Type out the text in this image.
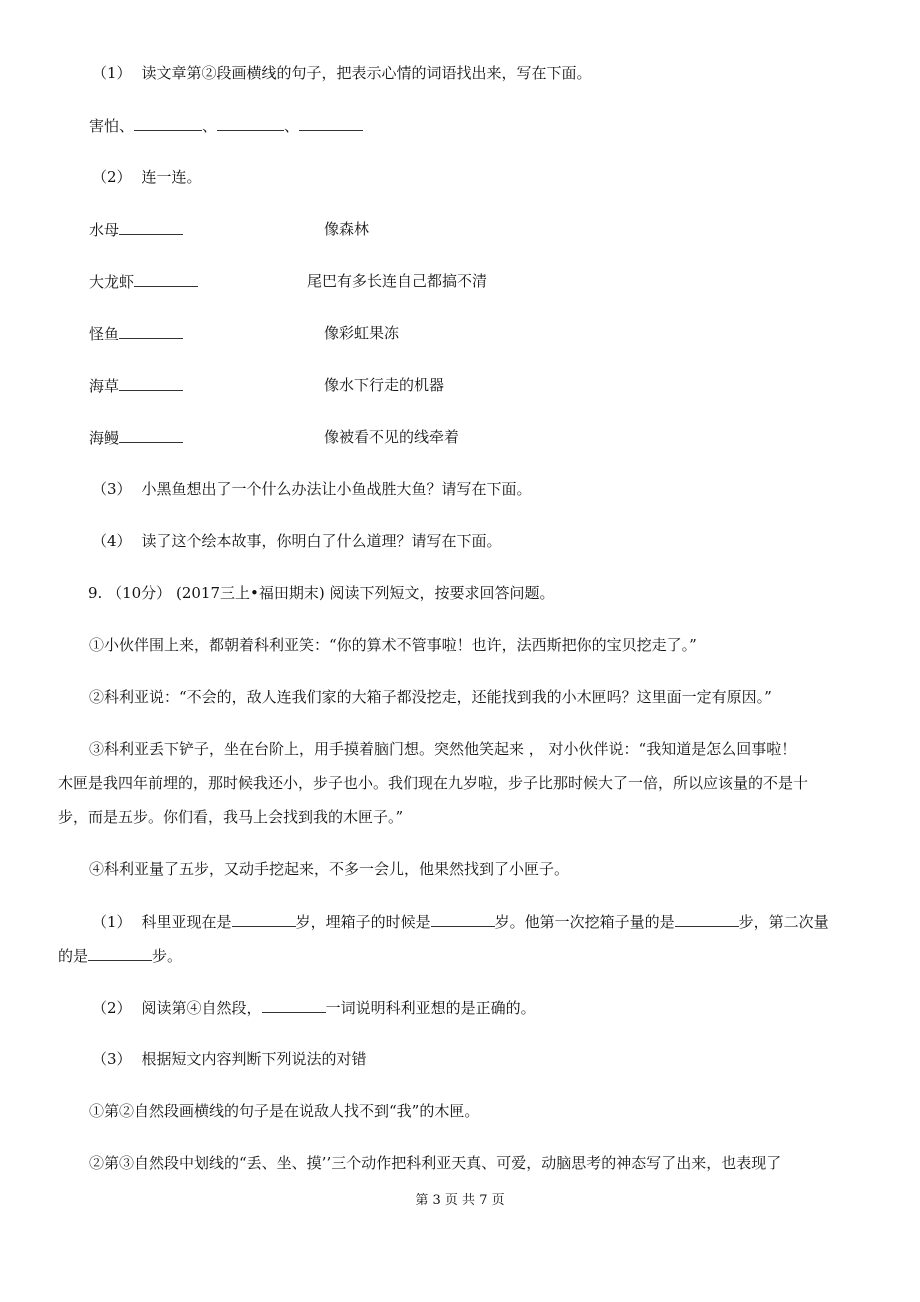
（1） 读文章第②段画横线的句子，把表示心情的词语找出来，写在下面。
害怕、	、	、
（2） 连一连。
水母	像森林
大龙虾	尾巴有多长连自己都搞不清
怪鱼	像彩虹果冻
海草	像水下行走的机器
海鳗	像被看不见的线牵着
（3） 小黑鱼想出了一个什么办法让小鱼战胜大鱼？请写在下面。
（4） 读了这个绘本故事，你明白了什么道理？请写在下面。
9. （10分） (2017三上•福田期末) 阅读下列短文，按要求回答问题。
①小伙伴围上来，都朝着科利亚笑：“你的算术不管事啦！也许，法西斯把你的宝贝挖走了。”
②科利亚说：“不会的，敌人连我们家的大箱子都没挖走，还能找到我的小木匣吗？这里面一定有原因。”
③科利亚丢下铲子，坐在台阶上，用手摸着脑门想。突然他笑起来 ， 对小伙伴说：“我知道是怎么回事啦！
木匣是我四年前埋的，那时候我还小，步子也小。我们现在九岁啦，步子比那时候大了一倍，所以应该量的不是十
步，而是五步。你们看，我马上会找到我的木匣子。”
④科利亚量了五步，又动手挖起来，不多一会儿，他果然找到了小匣子。
（1） 科里亚现在是	岁，埋箱子的时候是	岁。他第一次挖箱子量的是	步，第二次量
的是	步。
（2） 阅读第④自然段，	一词说明科利亚想的是正确的。
（3） 根据短文内容判断下列说法的对错
①第②自然段画横线的句子是在说敌人找不到“我”的木匣。
②第③自然段中划线的“丢、坐、摸’’三个动作把科利亚天真、可爱，动脑思考的神态写了出来，也表现了
第 3 页 共 7 页
